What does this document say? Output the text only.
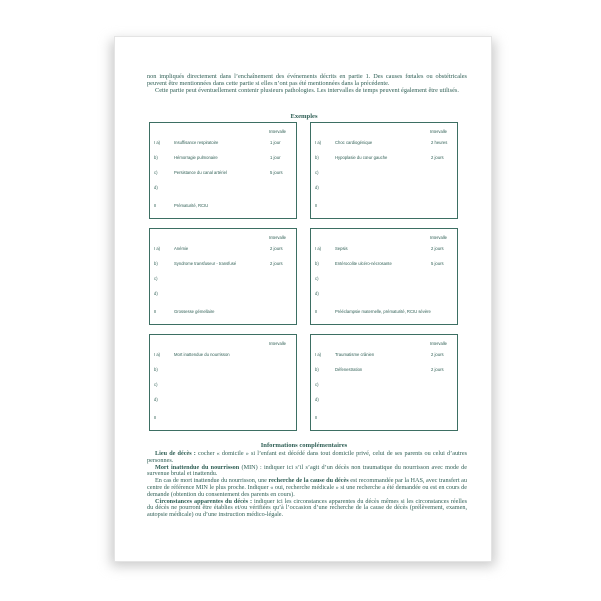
non impliqués directement dans l’enchaînement des événements décrits en partie 1. Des causes fœtales ou obstétricales peuvent être mentionnées dans cette partie si elles n’ont pas été mentionnées dans la précédente.

Cette partie peut éventuellement contenir plusieurs pathologies. Les intervalles de temps peuvent également être utilisés.

Exemples
Intervalle
I a)	Insuffisance respiratoire	1 jour
b)	Hémorragie pulmonaire	1 jour
c)	Persistance du canal artériel	5 jours
d)
II	Prématurité, RCIU
Intervalle
I a)	Choc cardiogénique	2 heures
b)	Hypoplasie du cœur gauche	2 jours
c)
d)
II
Intervalle
I a)	Anémie	2 jours
b)	Syndrome transfuseur - transfusé	2 jours
c)
d)
II	Grossesse gémellaire
Intervalle
I a)	Sepsis	2 jours
b)	Entérocolite ulcéro-nécrosante	5 jours
c)
d)
II	Prééclampsie maternelle, prématurité, RCIU sévère
Intervalle
I a)	Mort inattendue du nourrisson
b)
c)
d)
II
Intervalle
I a)	Traumatisme crânien	2 jours
b)	Défenestration	2 jours
c)
d)
II
Informations complémentaires

Lieu de décès : cocher « domicile » si l’enfant est décédé dans tout domicile privé, celui de ses parents ou celui d’autres personnes.

Mort inattendue du nourrisson (MIN) : indiquer ici s’il s’agit d’un décès non traumatique du nourrisson avec mode de survenue brutal et inattendu.

En cas de mort inattendue du nourrisson, une recherche de la cause du décès est recommandée par la HAS, avec transfert au centre de référence MIN le plus proche. Indiquer « oui, recherche médicale » si une recherche a été demandée ou est en cours de demande (obtention du consentement des parents en cours).

Circonstances apparentes du décès : indiquer ici les circonstances apparentes du décès mêmes si les circonstances réelles du décès ne pourront être établies et/ou vérifiées qu’à l’occasion d’une recherche de la cause de décès (prélèvement, examen, autopsie médicale) ou d’une instruction médico-légale.
